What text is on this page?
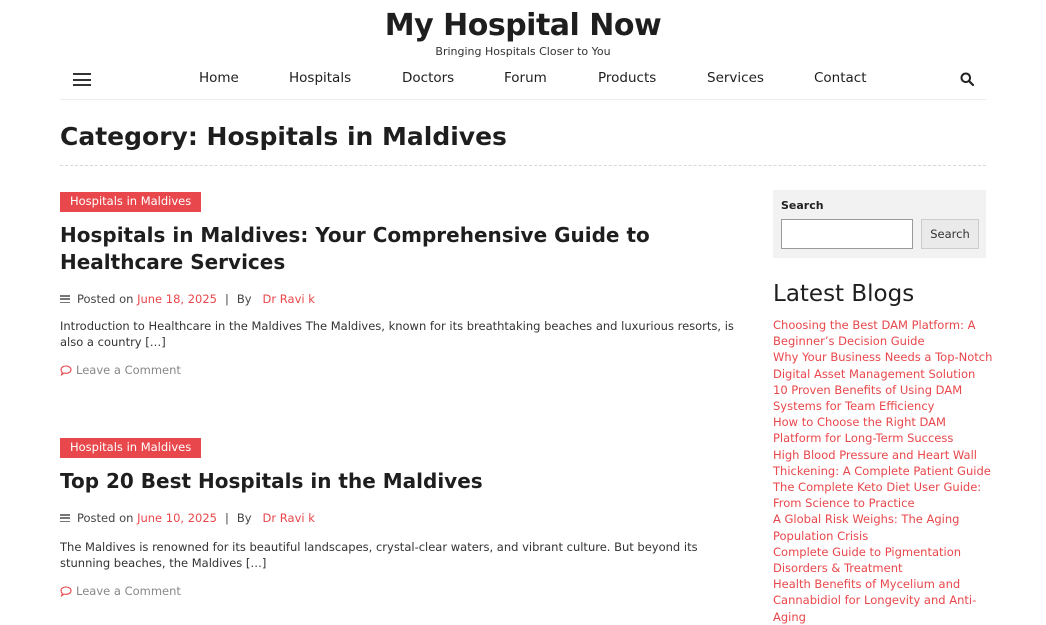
My Hospital Now
Bringing Hospitals Closer to You
Home	Hospitals	Doctors	Forum	Products	Services	Contact
Category: Hospitals in Maldives
Hospitals in Maldives
Hospitals in Maldives: Your Comprehensive Guide to Healthcare Services
Posted on
June 18, 2025 | By
Dr Ravi k
Introduction to Healthcare in the Maldives The Maldives, known for its breathtaking beaches and luxurious resorts, is also a country […]
Leave a Comment
Hospitals in Maldives
Top 20 Best Hospitals in the Maldives
Posted on
June 10, 2025 | By
Dr Ravi k
The Maldives is renowned for its beautiful landscapes, crystal-clear waters, and vibrant culture. But beyond its stunning beaches, the Maldives […]
Leave a Comment
Search
Search
Latest Blogs
Choosing the Best DAM Platform: A Beginner’s Decision Guide
Why Your Business Needs a Top-Notch Digital Asset Management Solution
10 Proven Benefits of Using DAM Systems for Team Efficiency
How to Choose the Right DAM Platform for Long-Term Success
High Blood Pressure and Heart Wall Thickening: A Complete Patient Guide
The Complete Keto Diet User Guide: From Science to Practice
A Global Risk Weighs: The Aging Population Crisis
Complete Guide to Pigmentation Disorders & Treatment
Health Benefits of Mycelium and Cannabidiol for Longevity and Anti-Aging
